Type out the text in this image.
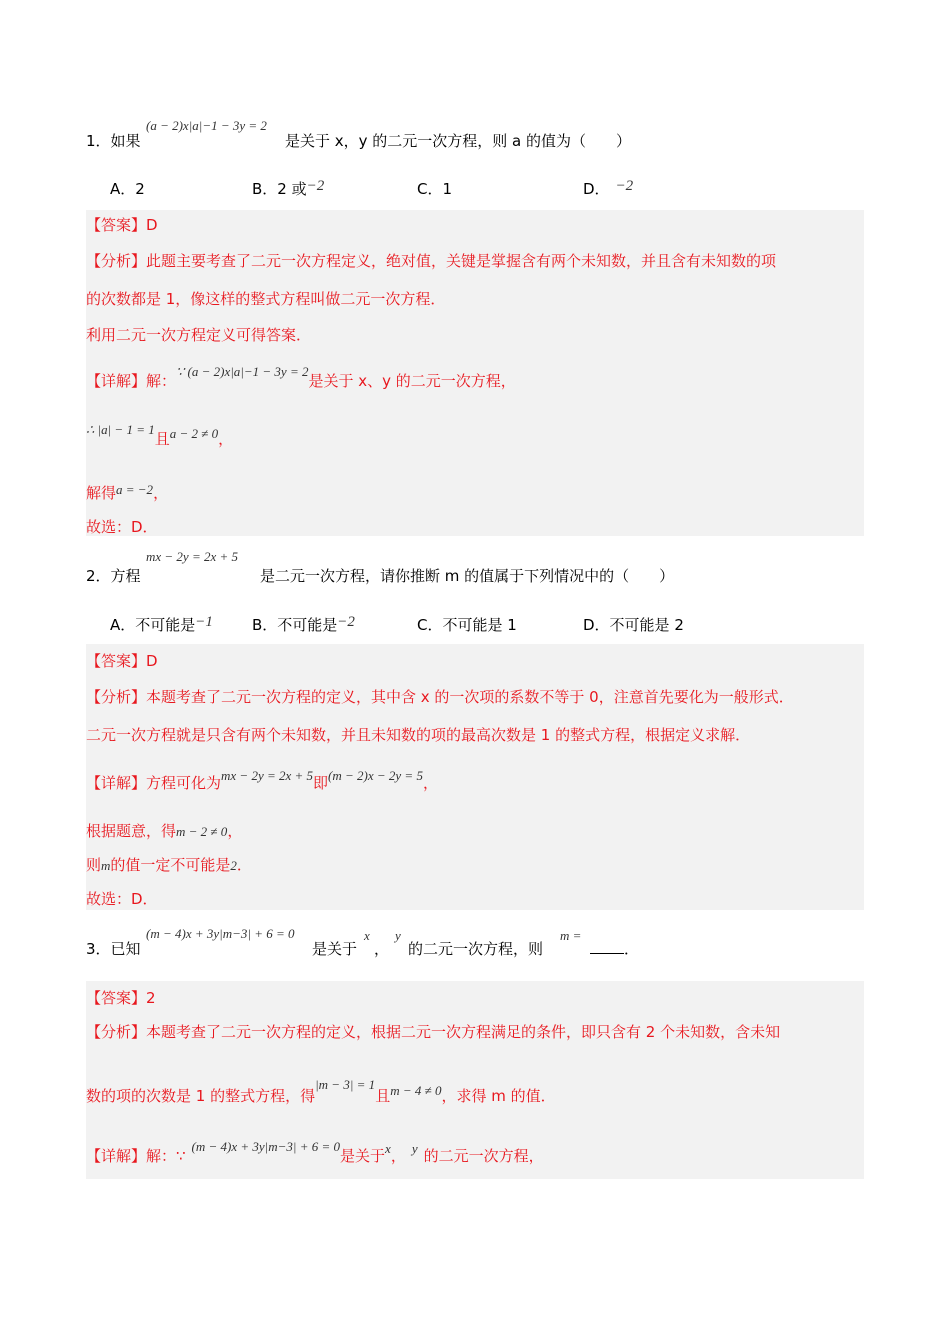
1．如果
(a − 2)x|a|−1 − 3y = 2
是关于 x，y 的二元一次方程，则 a 的值为（　　）
A．2	B．2 或−2	C．1	D． −2
【答案】D
【分析】此题主要考查了二元一次方程定义，绝对值，关键是掌握含有两个未知数，并且含有未知数的项
的次数都是 1，像这样的整式方程叫做二元一次方程．
利用二元一次方程定义可得答案．
【详解】解：∵ (a − 2)x|a|−1 − 3y = 2是关于 x、y 的二元一次方程，
∴ |a| − 1 = 1且a − 2 ≠ 0，
解得a = −2，
故选：D．
2．方程
mx − 2y = 2x + 5
是二元一次方程，请你推断 m 的值属于下列情况中的（　　）
A．不可能是−1	B．不可能是−2	C．不可能是 1	D．不可能是 2
【答案】D
【分析】本题考查了二元一次方程的定义，其中含 x 的一次项的系数不等于 0，注意首先要化为一般形式．
二元一次方程就是只含有两个未知数，并且未知数的项的最高次数是 1 的整式方程，根据定义求解．
【详解】方程可化为mx − 2y = 2x + 5即(m − 2)x − 2y = 5，
根据题意，得m − 2 ≠ 0，
则m的值一定不可能是2．
故选：D．
3．已知
(m − 4)x + 3y|m−3| + 6 = 0
是关于
x
，
y
的二元一次方程，则
m =
．
【答案】2
【分析】本题考查了二元一次方程的定义，根据二元一次方程满足的条件，即只含有 2 个未知数，含未知
数的项的次数是 1 的整式方程，得|m − 3| = 1且m − 4 ≠ 0，求得 m 的值．
【详解】解：∵(m − 4)x + 3y|m−3| + 6 = 0是关于x， y 的二元一次方程，
